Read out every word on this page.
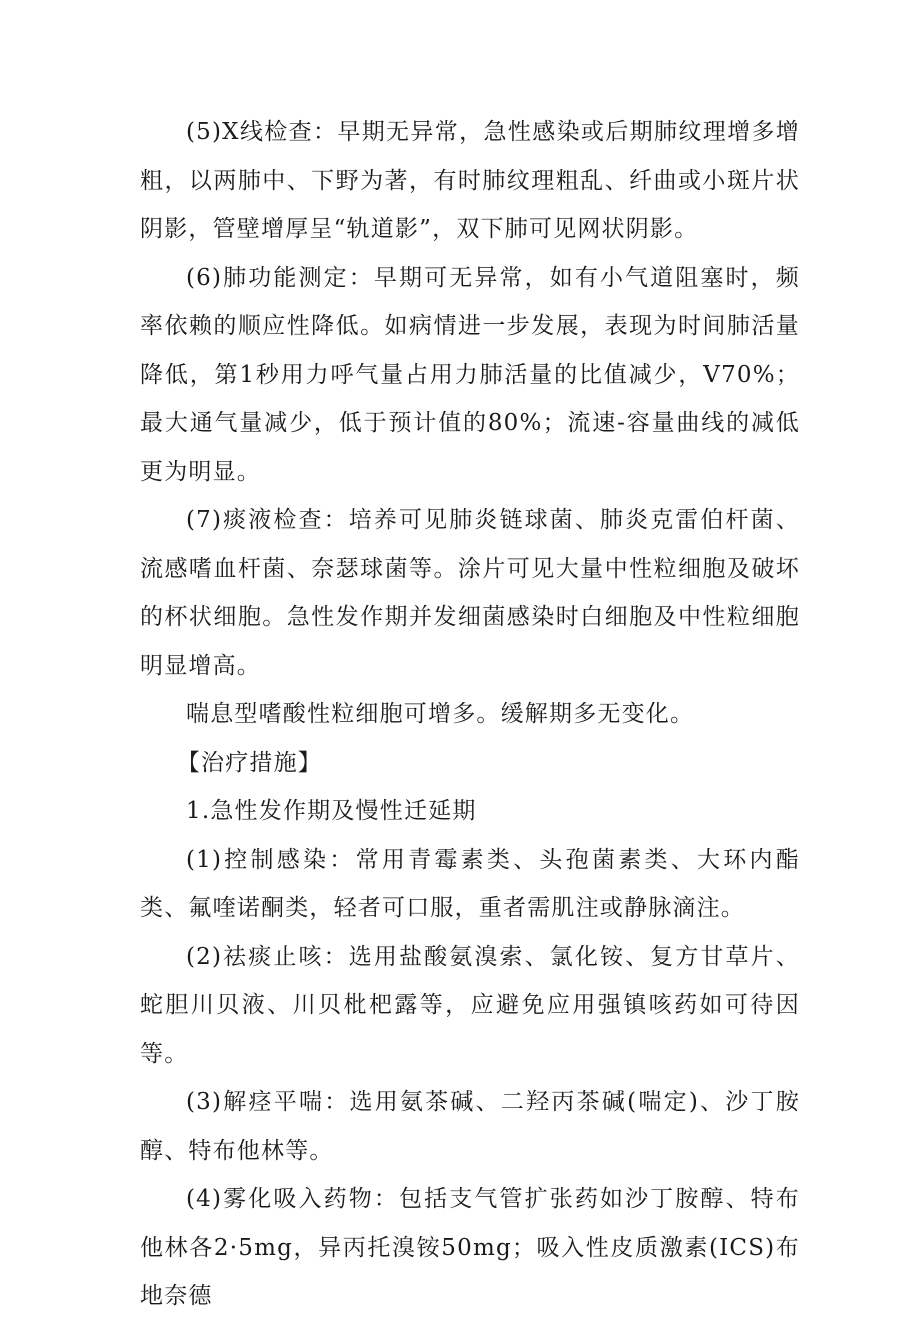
(5)X线检查：早期无异常，急性感染或后期肺纹理增多增粗，以两肺中、下野为著，有时肺纹理粗乱、纤曲或小斑片状阴影，管壁增厚呈“轨道影”，双下肺可见网状阴影。

(6)肺功能测定：早期可无异常，如有小气道阻塞时，频率依赖的顺应性降低。如病情进一步发展，表现为时间肺活量降低，第1秒用力呼气量占用力肺活量的比值减少，V70%；最大通气量减少，低于预计值的80%；流速-容量曲线的减低更为明显。

(7)痰液检查：培养可见肺炎链球菌、肺炎克雷伯杆菌、流感嗜血杆菌、奈瑟球菌等。涂片可见大量中性粒细胞及破坏的杯状细胞。急性发作期并发细菌感染时白细胞及中性粒细胞明显增高。

喘息型嗜酸性粒细胞可增多。缓解期多无变化。

【治疗措施】

1.急性发作期及慢性迁延期

(1)控制感染：常用青霉素类、头孢菌素类、大环内酯类、氟喹诺酮类，轻者可口服，重者需肌注或静脉滴注。

(2)祛痰止咳：选用盐酸氨溴索、氯化铵、复方甘草片、蛇胆川贝液、川贝枇杷露等，应避免应用强镇咳药如可待因等。

(3)解痉平喘：选用氨茶碱、二羟丙茶碱(喘定)、沙丁胺醇、特布他林等。

(4)雾化吸入药物：包括支气管扩张药如沙丁胺醇、特布他林各2·5mg，异丙托溴铵50mg；吸入性皮质激素(ICS)布地奈德
